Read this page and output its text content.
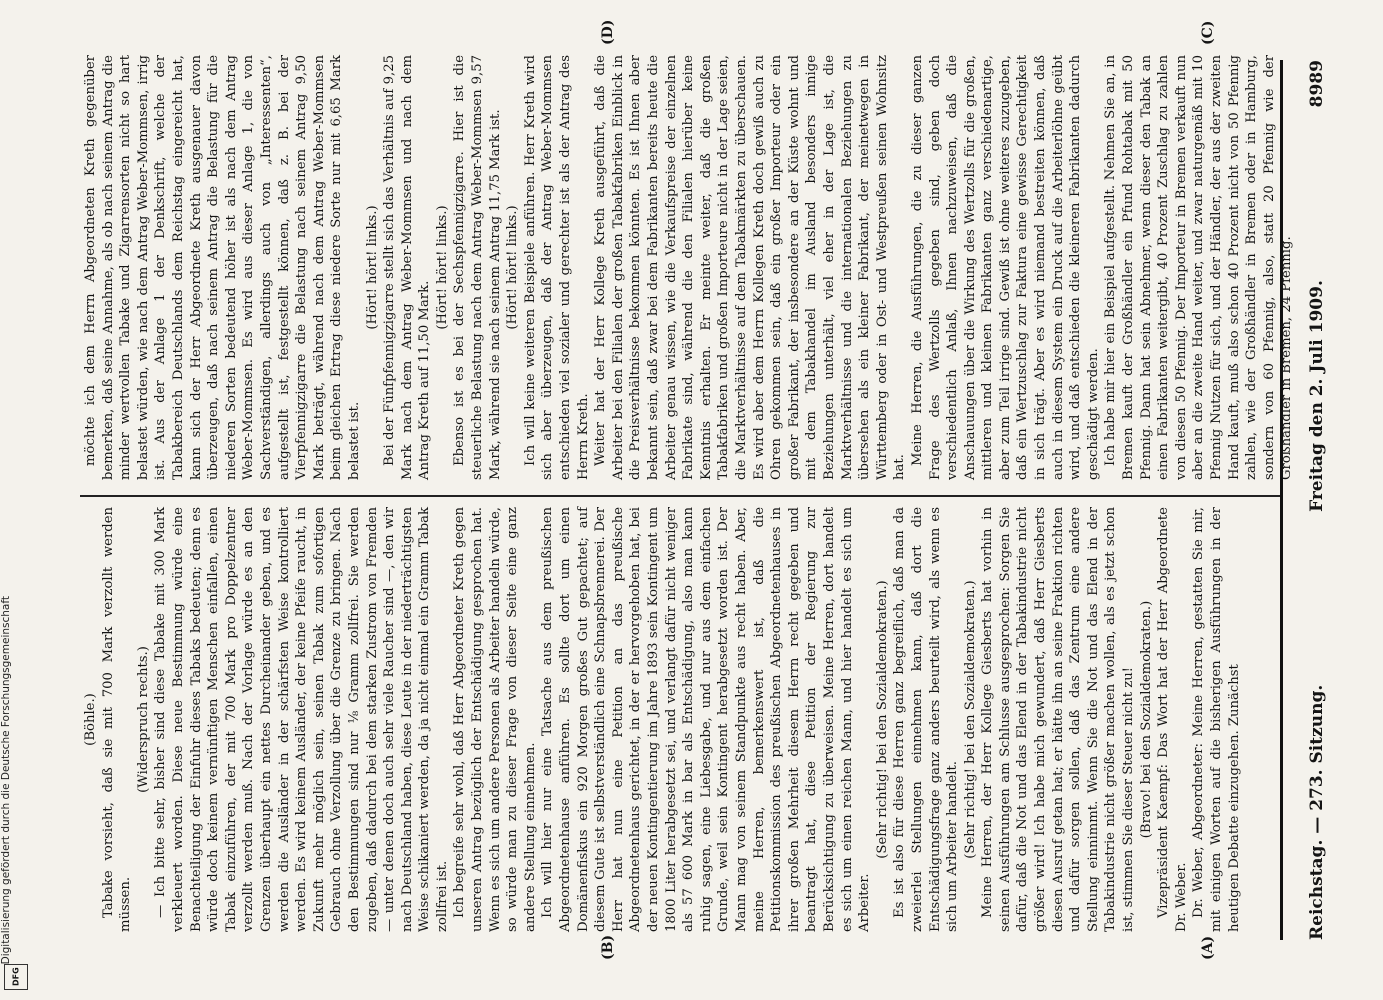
Reichstag. — 273. Sitzung.
Freitag den 2. Juli 1909.
8989
(A)
(B)
(C)
(D)

(Böhle.) Tabake vorsieht, daß sie mit 700 Mark verzollt werden müssen.

(Widerspruch rechts.) — Ich bitte sehr, bisher sind diese Tabake mit 300 Mark verkleuert worden. Diese neue Bestimmung würde eine Benachteiligung der Einfuhr dieses Tabaks bedeuten; denn es würde doch keinem vernünftigen Menschen einfallen, einen Tabak einzuführen, der mit 700 Mark pro Doppelzentner verzollt werden muß. Nach der Vorlage würde es an den Grenzen überhaupt ein nettes Durcheinander geben, und es werden die Ausländer in der schärfsten Weise kontrolliert werden. Es wird keinem Ausländer, der keine Pfeife raucht, in Zukunft mehr möglich sein, seinen Tabak zum sofortigen Gebrauch ohne Verzollung über die Grenze zu bringen. Nach den Bestimmungen sind nur ⅛ Gramm zollfrei. Sie werden zugeben, daß dadurch bei dem starken Zustrom von Fremden — unter denen doch auch sehr viele Raucher sind —, den wir nach Deutschland haben, diese Leute in der niederträchtigsten Weise schikaniert werden, da ja nicht einmal ein Gramm Tabak zollfrei ist. Ich begreife sehr wohl, daß Herr Abgeordneter Kreth gegen unseren Antrag bezüglich der Entschädigung gesprochen hat. Wenn es sich um andere Personen als Arbeiter handeln würde, so würde man zu dieser Frage von dieser Seite eine ganz andere Stellung einnehmen. Ich will hier nur eine Tatsache aus dem preußischen Abgeordnetenhause anführen. Es sollte dort um einen Domänenfiskus ein 920 Morgen großes Gut gepachtet; auf diesem Gute ist selbstverständlich eine Schnapsbrennerei. Der Herr hat nun eine Petition an das preußische Abgeordnetenhaus gerichtet, in der er hervorgehoben hat, bei der neuen Kontingentierung im Jahre 1893 sein Kontingent um 1800 Liter herabgesetzt sei, und verlangt dafür nicht weniger als 57 600 Mark in bar als Entschädigung, also man kann ruhig sagen, eine Liebesgabe, und nur aus dem einfachen Grunde, weil sein Kontingent herabgesetzt worden ist. Der Mann mag von seinem Standpunkte aus recht haben. Aber, meine Herren, bemerkenswert ist, daß die Petitionskommission des preußischen Abgeordnetenhauses in ihrer großen Mehrheit diesem Herrn recht gegeben und beantragt hat, diese Petition der Regierung zur Berücksichtigung zu überweisen. Meine Herren, dort handelt es sich um einen reichen Mann, und hier handelt es sich um Arbeiter.

(Sehr richtig! bei den Sozialdemokraten.) Es ist also für diese Herren ganz begreiflich, daß man da zweierlei Stellungen einnehmen kann, daß dort die Entschädigungsfrage ganz anders beurteilt wird, als wenn es sich um Arbeiter handelt. (Sehr richtig! bei den Sozialdemokraten.) Meine Herren, der Herr Kollege Giesberts hat vorhin in seinen Ausführungen am Schlusse ausgesprochen: Sorgen Sie dafür, daß die Not und das Elend in der Tabakindustrie nicht größer wird! Ich habe mich gewundert, daß Herr Giesberts diesen Ausruf getan hat; er hätte ihn an seine Fraktion richten und dafür sorgen sollen, daß das Zentrum eine andere Stellung einnimmt. Wenn Sie die Not und das Elend in der Tabakindustrie nicht größer machen wollen, als es jetzt schon ist, stimmen Sie dieser Steuer nicht zu! (Bravo! bei den Sozialdemokraten.) Vizepräsident Kaempf: Das Wort hat der Herr Abgeordnete Dr. Weber. Dr. Weber, Abgeordneter: Meine Herren, gestatten Sie mir, mit einigen Worten auf die bisherigen Ausführungen in der heutigen Debatte einzugehen. Zunächst

möchte ich dem Herrn Abgeordneten Kreth gegenüber bemerken, daß seine Annahme, als ob nach seinem Antrag die minder wertvollen Tabake und Zigarrensorten nicht so hart belastet würden, wie nach dem Antrag Weber-Mommsen, irrig ist. Aus der Anlage 1 der Denkschrift, welche der Tabakbereich Deutschlands dem Reichstag eingereicht hat, kann sich der Herr Abgeordnete Kreth ausgenauer davon überzeugen, daß nach seinem Antrag die Belastung für die niederen Sorten bedeutend höher ist als nach dem Antrag Weber-Mommsen. Es wird aus dieser Anlage 1, die von Sachverständigen, allerdings auch von „Interessenten“, aufgestellt ist, festgestellt können, daß z. B. bei der Vierpfennigzigarre die Belastung nach seinem Antrag 9,50 Mark beträgt, während nach dem Antrag Weber-Mommsen beim gleichen Ertrag diese niedere Sorte nur mit 6,65 Mark belastet ist.

(Hört! hört! links.) Bei der Fünfpfennigzigarre stellt sich das Verhältnis auf 9,25 Mark nach dem Antrag Weber-Mommsen und nach dem Antrag Kreth auf 11,50 Mark.

(Hört! hört! links.) Ebenso ist es bei der Sechspfennigzigarre. Hier ist die steuerliche Belastung nach dem Antrag Weber-Mommsen 9,57 Mark, während sie nach seinem Antrag 11,75 Mark ist. (Hört! hört! links.) Ich will keine weiteren Beispiele anführen. Herr Kreth wird sich aber überzeugen, daß der Antrag Weber-Mommsen entschieden viel sozialer und gerechter ist als der Antrag des Herrn Kreth. Weiter hat der Herr Kollege Kreth ausgeführt, daß die Arbeiter bei den Filialen der großen Tabakfabriken Einblick in die Preisverhältnisse bekommen könnten. Es ist Ihnen aber bekannt sein, daß zwar bei dem Fabrikanten bereits heute die Arbeiter genau wissen, wie die Verkaufspreise der einzelnen Fabrikate sind, während die den Filialen hierüber keine Kenntnis erhalten. Er meinte weiter, daß die großen Tabakfabriken und großen Importeure nicht in der Lage seien, die Marktverhältnisse auf dem Tabakmärkten zu überschauen. Es wird aber dem Herrn Kollegen Kreth doch gewiß auch zu Ohren gekommen sein, daß ein großer Importeur oder ein großer Fabrikant, der insbesondere an der Küste wohnt und mit dem Tabakhandel im Ausland besonders innige Beziehungen unterhält, viel eher in der Lage ist, die Marktverhältnisse und die internationalen Beziehungen zu übersehen als ein kleiner Fabrikant, der meinetwegen in Württemberg oder in Ost- und Westpreußen seinen Wohnsitz hat.

Meine Herren, die Ausführungen, die zu dieser ganzen Frage des Wertzolls gegeben sind, geben doch verschiedentlich Anlaß, Ihnen nachzuweisen, daß die Anschauungen über die Wirkung des Wertzolls für die großen, mittleren und kleinen Fabrikanten ganz verschiedenartige, aber zum Teil irrige sind. Gewiß ist ohne weiteres zuzugeben, daß ein Wertzuschlag zur Faktura eine gewisse Gerechtigkeit in sich trägt. Aber es wird niemand bestreiten können, daß auch in diesem System ein Druck auf die Arbeiterlöhne geübt wird, und daß entschieden die kleineren Fabrikanten dadurch geschädigt werden. Ich habe mir hier ein Beispiel aufgestellt. Nehmen Sie an, in Bremen kauft der Großhändler ein Pfund Rohtabak mit 50 Pfennig. Dann hat sein Abnehmer, wenn dieser den Tabak an einen Fabrikanten weitergibt, 40 Prozent Zuschlag zu zahlen von diesen 50 Pfennig. Der Importeur in Bremen verkauft nun aber an die zweite Hand weiter, und zwar naturgemäß mit 10 Pfennig Nutzen für sich, und der Händler, der aus der zweiten Hand kauft, muß also schon 40 Prozent nicht von 50 Pfennig zahlen, wie der Großhändler in Bremen oder in Hamburg, sondern von 60 Pfennig, also, statt 20 Pfennig wie der Großhändler in Bremen, 24 Pfennig.

Digitalisierung gefördert durch die Deutsche Forschungsgemeinschaft
DFG
